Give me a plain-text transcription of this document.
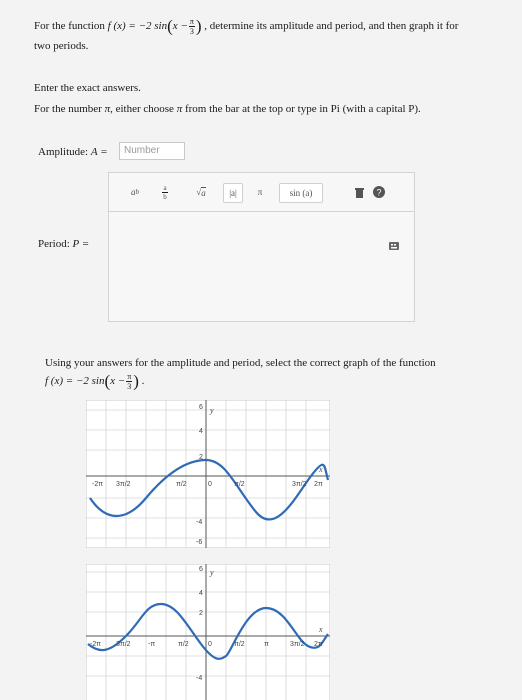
For the function f (x) = −2 $\sin(x - \frac{\pi}{3}$ ) , determine its amplitude and period, and then graph it for
two periods.
Enter the exact answers.
For the number π, either choose π from the bar at the top or type in Pi (with a capital P).
Amplitude: A =	Number
a b	$\frac{a}{b}$	√ a	|a|	π	sin (a)	?
Period: P =
Using your answers for the amplitude and period, select the correct graph of the function
f (x) = −2 $\sin(x - \frac{\pi}{3}$ ) .
6
4
2
-4
-6
y
x
-2π 3π/2	π/2	0	π/2	3π/2 2π
6
4
2
-4
y
x
-2π 3π/2 -π	π/2	0	π/2	π	3π/2 2π
